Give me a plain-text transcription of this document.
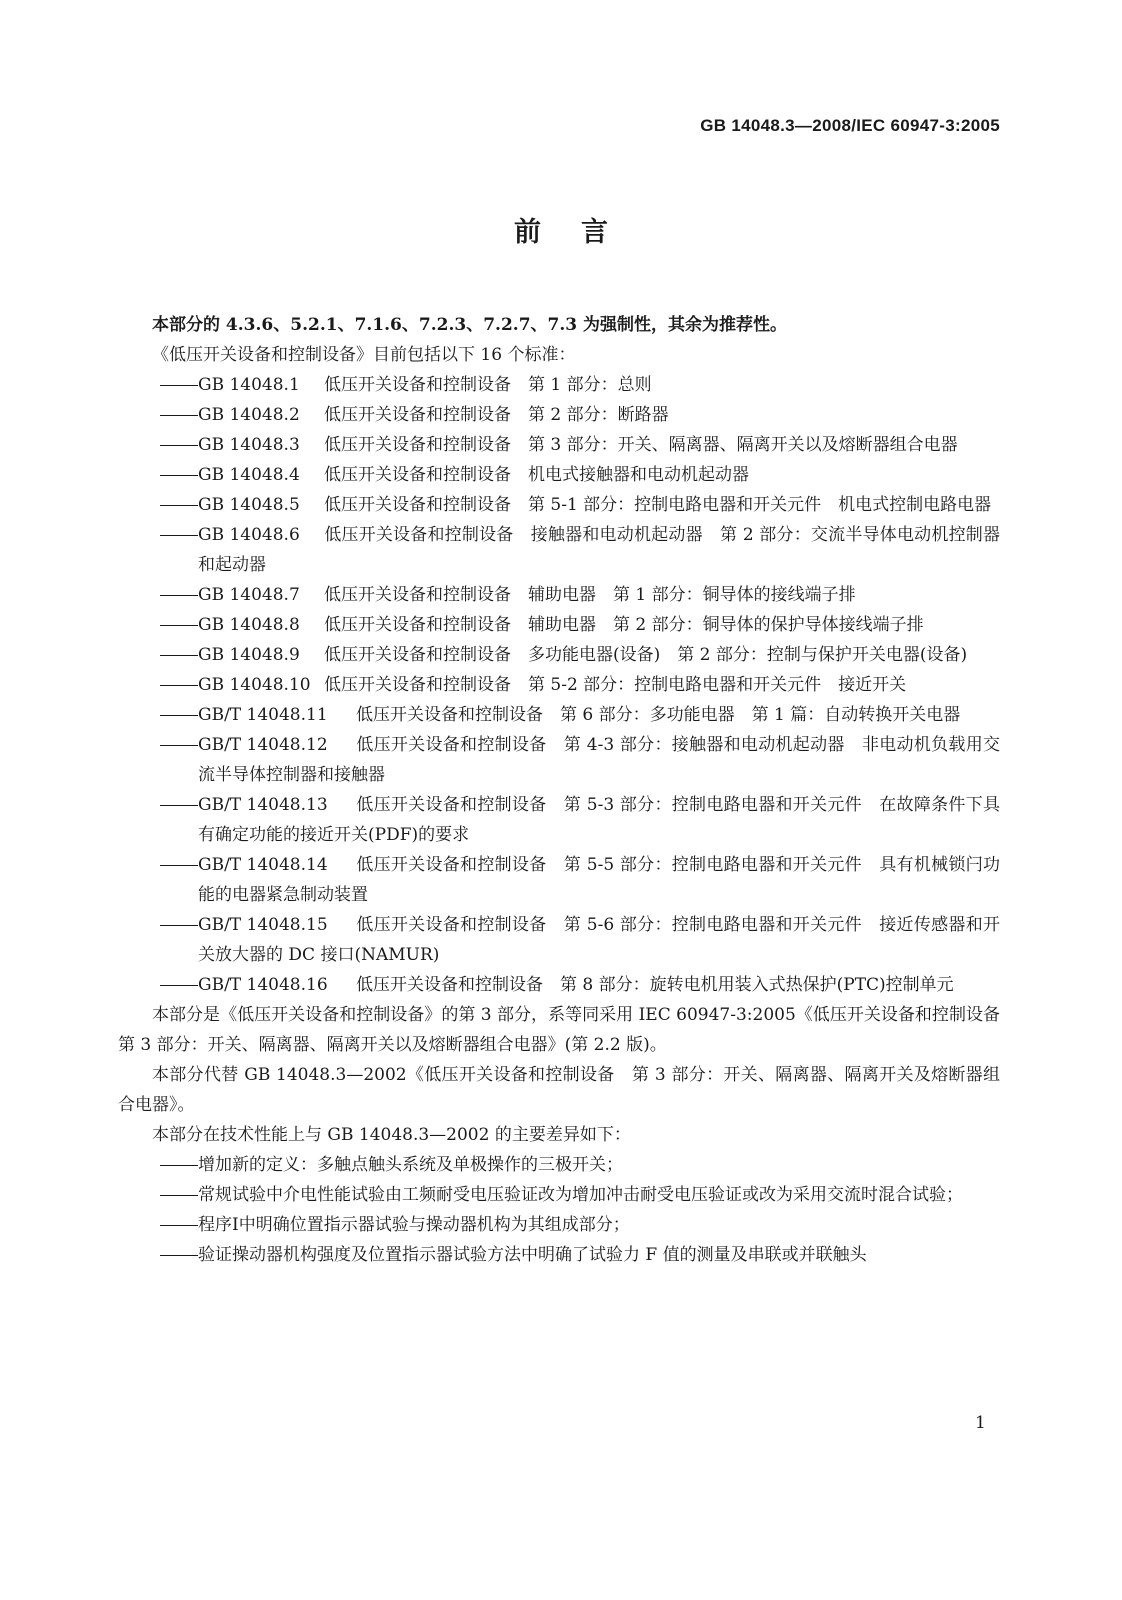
GB 14048.3—2008/IEC 60947-3:2005
前言

本部分的 4.3.6、5.2.1、7.1.6、7.2.3、7.2.7、7.3 为强制性，其余为推荐性。

《低压开关设备和控制设备》目前包括以下 16 个标准：

GB 14048.1 低压开关设备和控制设备　第 1 部分：总则

GB 14048.2 低压开关设备和控制设备　第 2 部分：断路器

GB 14048.3 低压开关设备和控制设备　第 3 部分：开关、隔离器、隔离开关以及熔断器组合电器

GB 14048.4 低压开关设备和控制设备　机电式接触器和电动机起动器

GB 14048.5 低压开关设备和控制设备　第 5-1 部分：控制电路电器和开关元件　机电式控制电路电器

GB 14048.6 低压开关设备和控制设备　接触器和电动机起动器　第 2 部分：交流半导体电动机控制器和起动器

GB 14048.7 低压开关设备和控制设备　辅助电器　第 1 部分：铜导体的接线端子排

GB 14048.8 低压开关设备和控制设备　辅助电器　第 2 部分：铜导体的保护导体接线端子排

GB 14048.9 低压开关设备和控制设备　多功能电器(设备)　第 2 部分：控制与保护开关电器(设备)

GB 14048.10 低压开关设备和控制设备　第 5-2 部分：控制电路电器和开关元件　接近开关

GB/T 14048.11 低压开关设备和控制设备　第 6 部分：多功能电器　第 1 篇：自动转换开关电器

GB/T 14048.12 低压开关设备和控制设备　第 4-3 部分：接触器和电动机起动器　非电动机负载用交流半导体控制器和接触器

GB/T 14048.13 低压开关设备和控制设备　第 5-3 部分：控制电路电器和开关元件　在故障条件下具有确定功能的接近开关(PDF)的要求

GB/T 14048.14 低压开关设备和控制设备　第 5-5 部分：控制电路电器和开关元件　具有机械锁闩功能的电器紧急制动装置

GB/T 14048.15 低压开关设备和控制设备　第 5-6 部分：控制电路电器和开关元件　接近传感器和开关放大器的 DC 接口(NAMUR)

GB/T 14048.16 低压开关设备和控制设备　第 8 部分：旋转电机用装入式热保护(PTC)控制单元

本部分是《低压开关设备和控制设备》的第 3 部分，系等同采用 IEC 60947-3:2005《低压开关设备和控制设备　第 3 部分：开关、隔离器、隔离开关以及熔断器组合电器》(第 2.2 版)。

本部分代替 GB 14048.3—2002《低压开关设备和控制设备　第 3 部分：开关、隔离器、隔离开关及熔断器组合电器》。

本部分在技术性能上与 GB 14048.3—2002 的主要差异如下：

增加新的定义：多触点触头系统及单极操作的三极开关；

常规试验中介电性能试验由工频耐受电压验证改为增加冲击耐受电压验证或改为采用交流时混合试验；

程序Ⅰ中明确位置指示器试验与操动器机构为其组成部分；

验证操动器机构强度及位置指示器试验方法中明确了试验力 F 值的测量及串联或并联触头

1
